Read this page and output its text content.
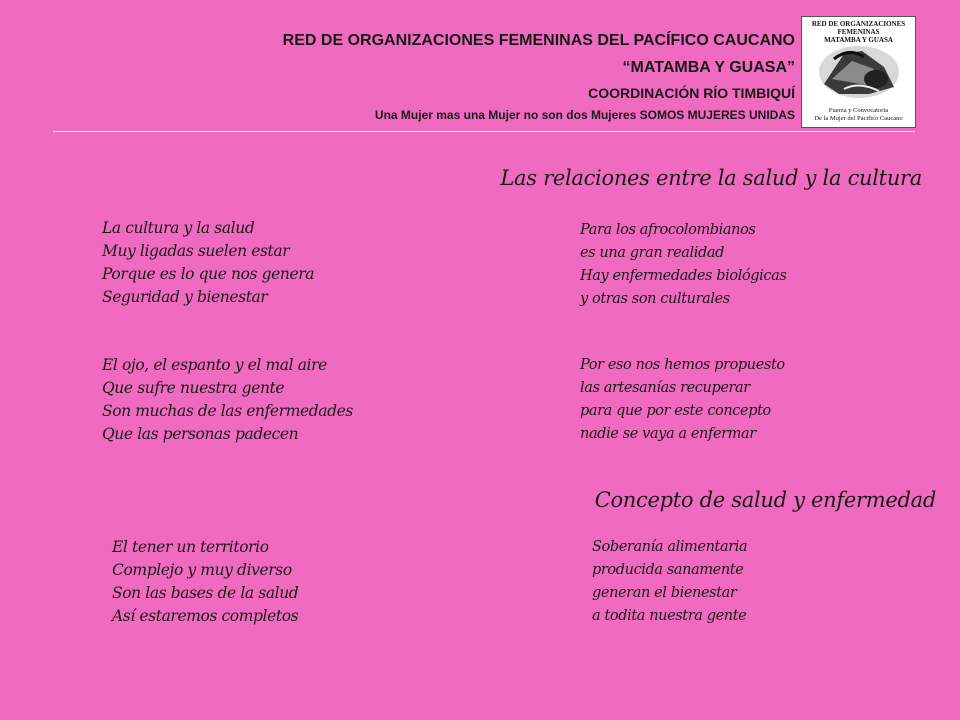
RED DE ORGANIZACIONES FEMENINAS DEL PACÍFICO CAUCANO
“MATAMBA Y GUASA”
COORDINACIÓN RÍO TIMBIQUÍ
Una Mujer mas una Mujer no son dos Mujeres SOMOS MUJERES UNIDAS
RED DE ORGANIZACIONES FEMENINAS
MATAMBA Y GUASA
Fuerza y Convocatoria
De la Mujer del Pacifico Caucano
Las relaciones entre la salud y la cultura
La cultura y la salud
Muy ligadas suelen estar
Porque es lo que nos genera
Seguridad y bienestar
Para los afrocolombianos
es una gran realidad
Hay enfermedades biológicas
y otras son culturales
El ojo, el espanto y el mal aire
Que sufre nuestra gente
Son muchas de las enfermedades
Que las personas padecen
Por eso nos hemos propuesto
las artesanías recuperar
para que por este concepto
nadie se vaya a enfermar
Concepto de salud y enfermedad
El tener un territorio
Complejo y muy diverso
Son las bases de la salud
Así estaremos completos
Soberanía alimentaria
producida sanamente
generan el bienestar
a todita nuestra gente
